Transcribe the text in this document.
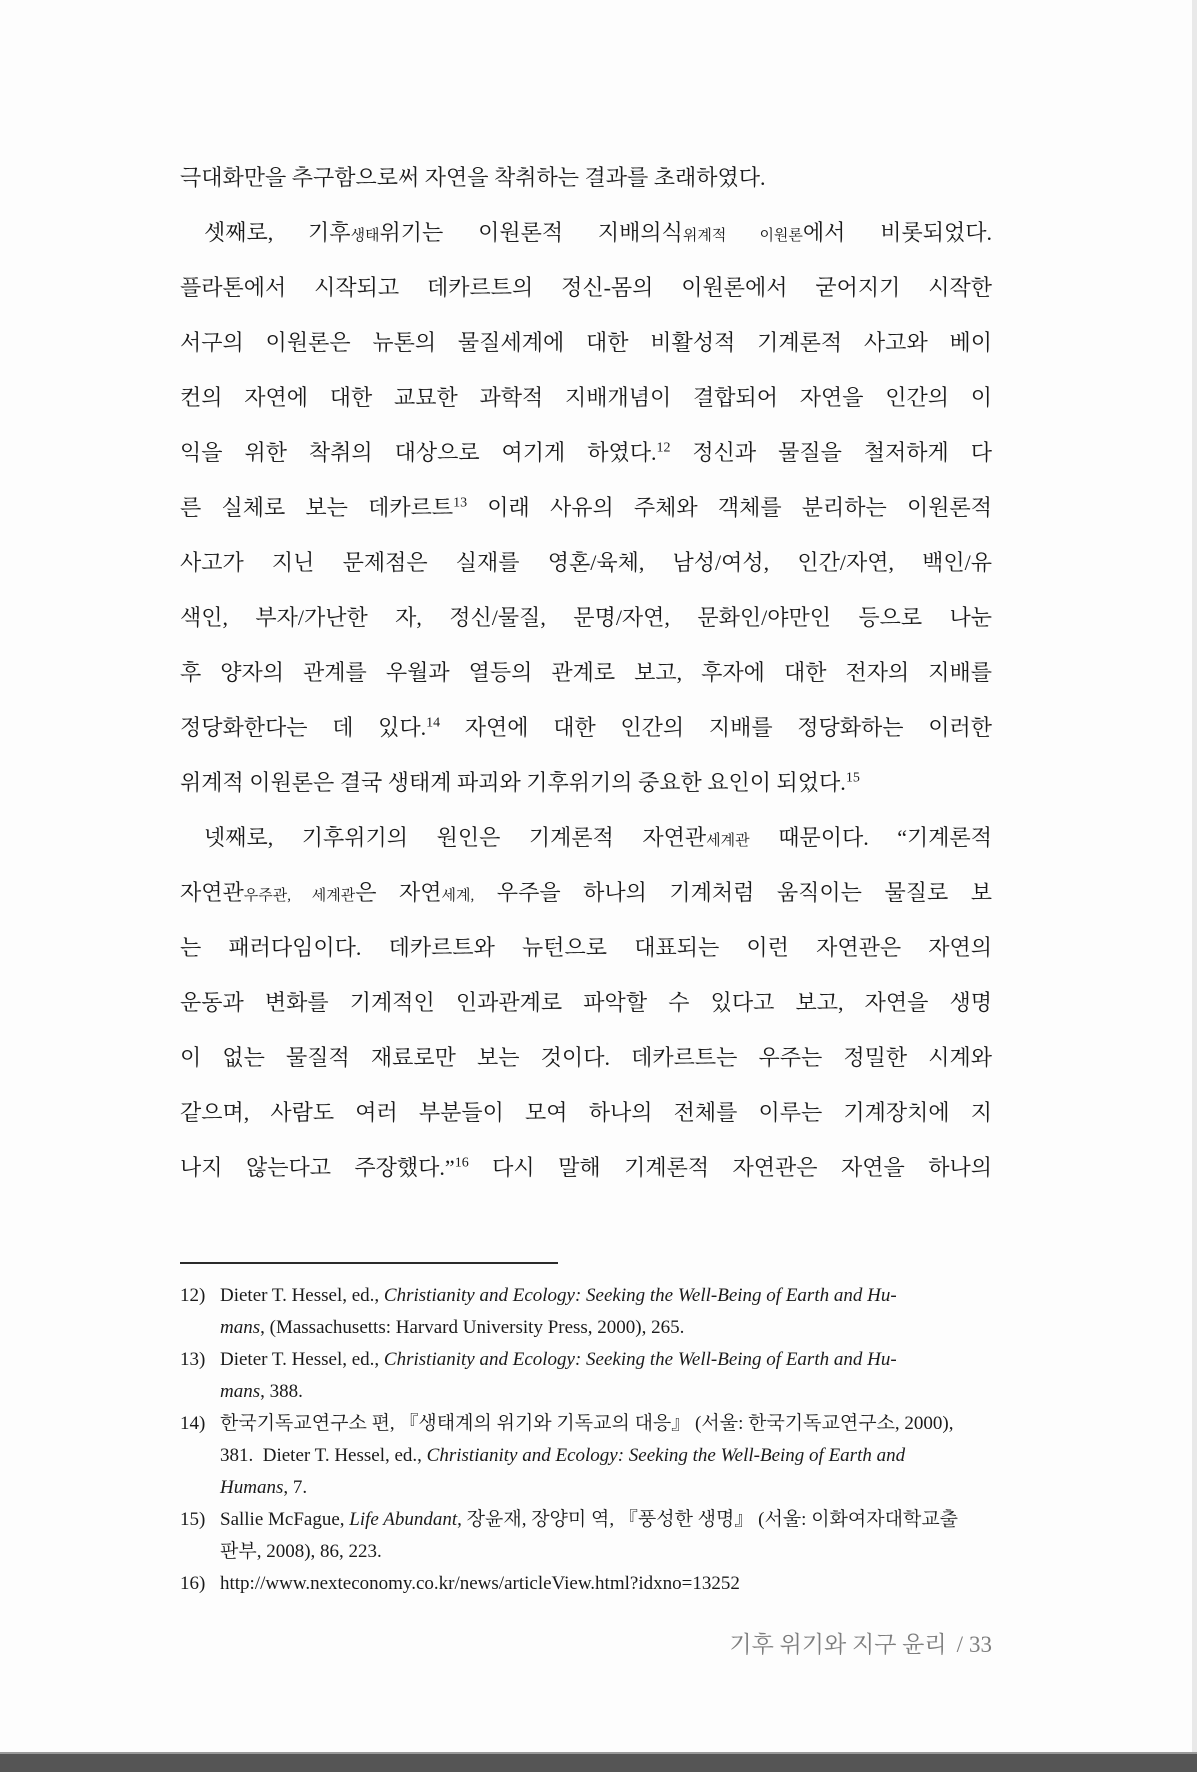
극대화만을 추구함으로써 자연을 착취하는 결과를 초래하였다.
셋째로, 기후생태위기는 이원론적 지배의식위계적 이원론에서 비롯되었다.
플라톤에서 시작되고 데카르트의 정신-몸의 이원론에서 굳어지기 시작한
서구의 이원론은 뉴톤의 물질세계에 대한 비활성적 기계론적 사고와 베이
컨의 자연에 대한 교묘한 과학적 지배개념이 결합되어 자연을 인간의 이
익을 위한 착취의 대상으로 여기게 하였다.$^{12}$ 정신과 물질을 철저하게 다
른 실체로 보는 데카르트$^{13}$ 이래 사유의 주체와 객체를 분리하는 이원론적
사고가 지닌 문제점은 실재를 영혼/육체, 남성/여성, 인간/자연, 백인/유
색인, 부자/가난한 자, 정신/물질, 문명/자연, 문화인/야만인 등으로 나눈
후 양자의 관계를 우월과 열등의 관계로 보고, 후자에 대한 전자의 지배를
정당화한다는 데 있다.$^{14}$ 자연에 대한 인간의 지배를 정당화하는 이러한
위계적 이원론은 결국 생태계 파괴와 기후위기의 중요한 요인이 되었다.$^{15}$
넷째로, 기후위기의 원인은 기계론적 자연관세계관 때문이다. “기계론적
자연관우주관, 세계관은 자연세계, 우주을 하나의 기계처럼 움직이는 물질로 보
는 패러다임이다. 데카르트와 뉴턴으로 대표되는 이런 자연관은 자연의
운동과 변화를 기계적인 인과관계로 파악할 수 있다고 보고, 자연을 생명
이 없는 물질적 재료로만 보는 것이다. 데카르트는 우주는 정밀한 시계와
같으며, 사람도 여러 부분들이 모여 하나의 전체를 이루는 기계장치에 지
나지 않는다고 주장했다.”$^{16}$ 다시 말해 기계론적 자연관은 자연을 하나의
12) Dieter T. Hessel, ed., Christianity and Ecology: Seeking the Well-Being of Earth and Hu-
mans, (Massachusetts: Harvard University Press, 2000), 265.
13) Dieter T. Hessel, ed., Christianity and Ecology: Seeking the Well-Being of Earth and Hu-
mans, 388.
14) 한국기독교연구소 편, 『생태계의 위기와 기독교의 대응』 (서울: 한국기독교연구소, 2000),
381.  Dieter T. Hessel, ed., Christianity and Ecology: Seeking the Well-Being of Earth and
Humans, 7.
15) Sallie McFague, Life Abundant, 장윤재, 장양미 역, 『풍성한 생명』 (서울: 이화여자대학교출
판부, 2008), 86, 223.
16) http://www.nexteconomy.co.kr/news/articleView.html?idxno=13252
기후 위기와 지구 윤리 / 33
